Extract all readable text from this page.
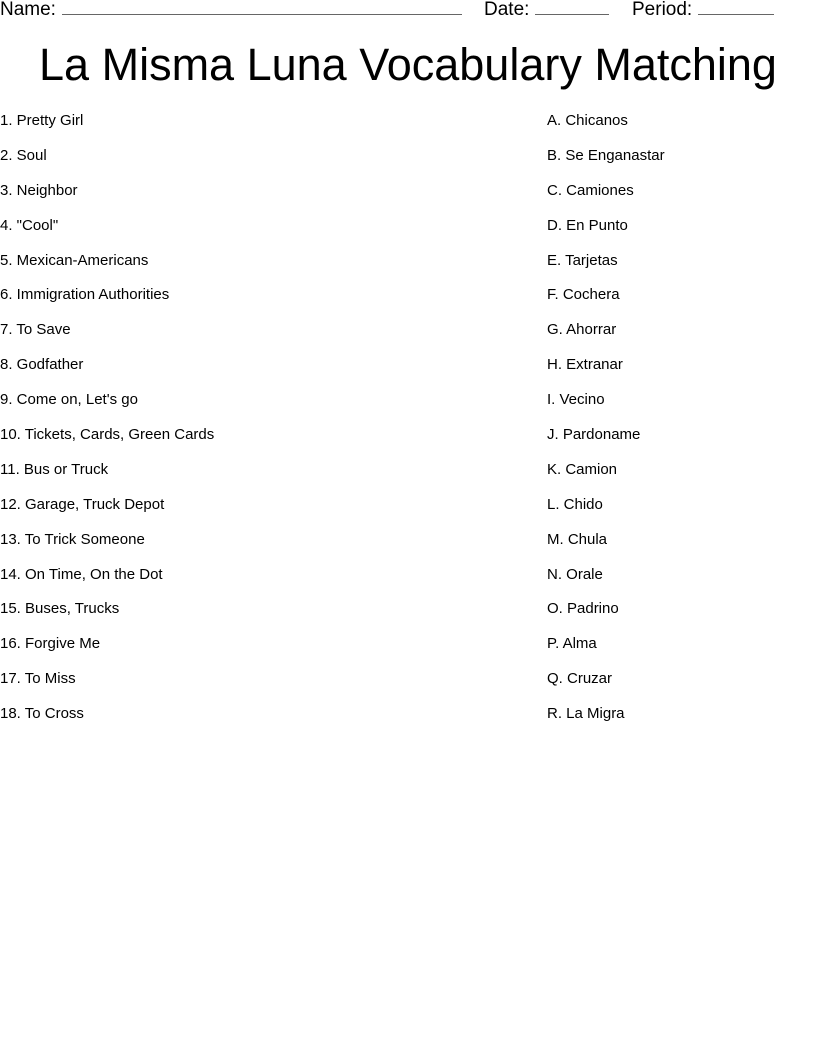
Name:	Date:	Period:
La Misma Luna Vocabulary Matching
1. Pretty Girl
2. Soul
3. Neighbor
4. "Cool"
5. Mexican-Americans
6. Immigration Authorities
7. To Save
8. Godfather
9. Come on, Let's go
10. Tickets, Cards, Green Cards
11. Bus or Truck
12. Garage, Truck Depot
13. To Trick Someone
14. On Time, On the Dot
15. Buses, Trucks
16. Forgive Me
17. To Miss
18. To Cross
A. Chicanos
B. Se Enganastar
C. Camiones
D. En Punto
E. Tarjetas
F. Cochera
G. Ahorrar
H. Extranar
I. Vecino
J. Pardoname
K. Camion
L. Chido
M. Chula
N. Orale
O. Padrino
P. Alma
Q. Cruzar
R. La Migra
